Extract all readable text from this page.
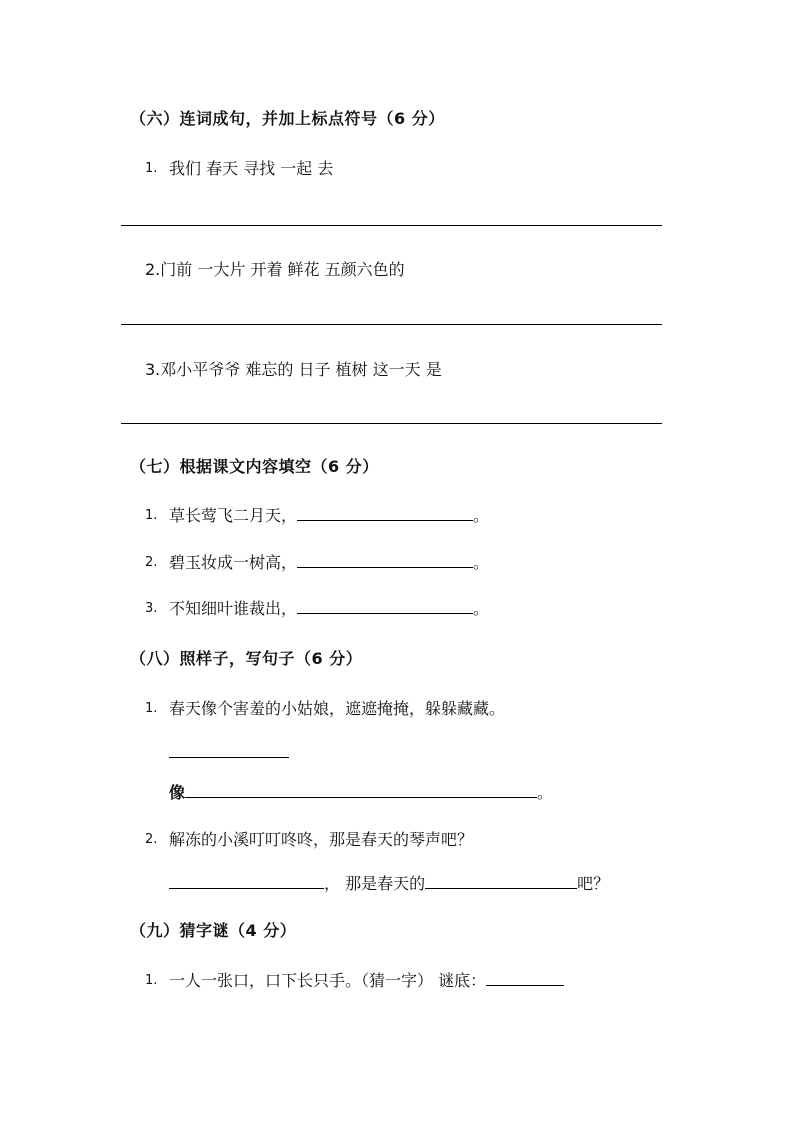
（六）连词成句，并加上标点符号（6 分）
1. 我们 春天 寻找 一起 去
2.门前 一大片 开着 鲜花 五颜六色的
3.邓小平爷爷 难忘的 日子 植树 这一天 是
（七）根据课文内容填空（6 分）
1. 草长莺飞二月天，	。
2. 碧玉妆成一树高，	。
3. 不知细叶谁裁出，	。
（八）照样子，写句子（6 分）
1. 春天像个害羞的小姑娘，遮遮掩掩，躲躲藏藏。
像	。
2. 解冻的小溪叮叮咚咚，那是春天的琴声吧？
， 那是春天的	吧？
（九）猜字谜（4 分）
1. 一人一张口，口下长只手。（猜一字） 谜底：
